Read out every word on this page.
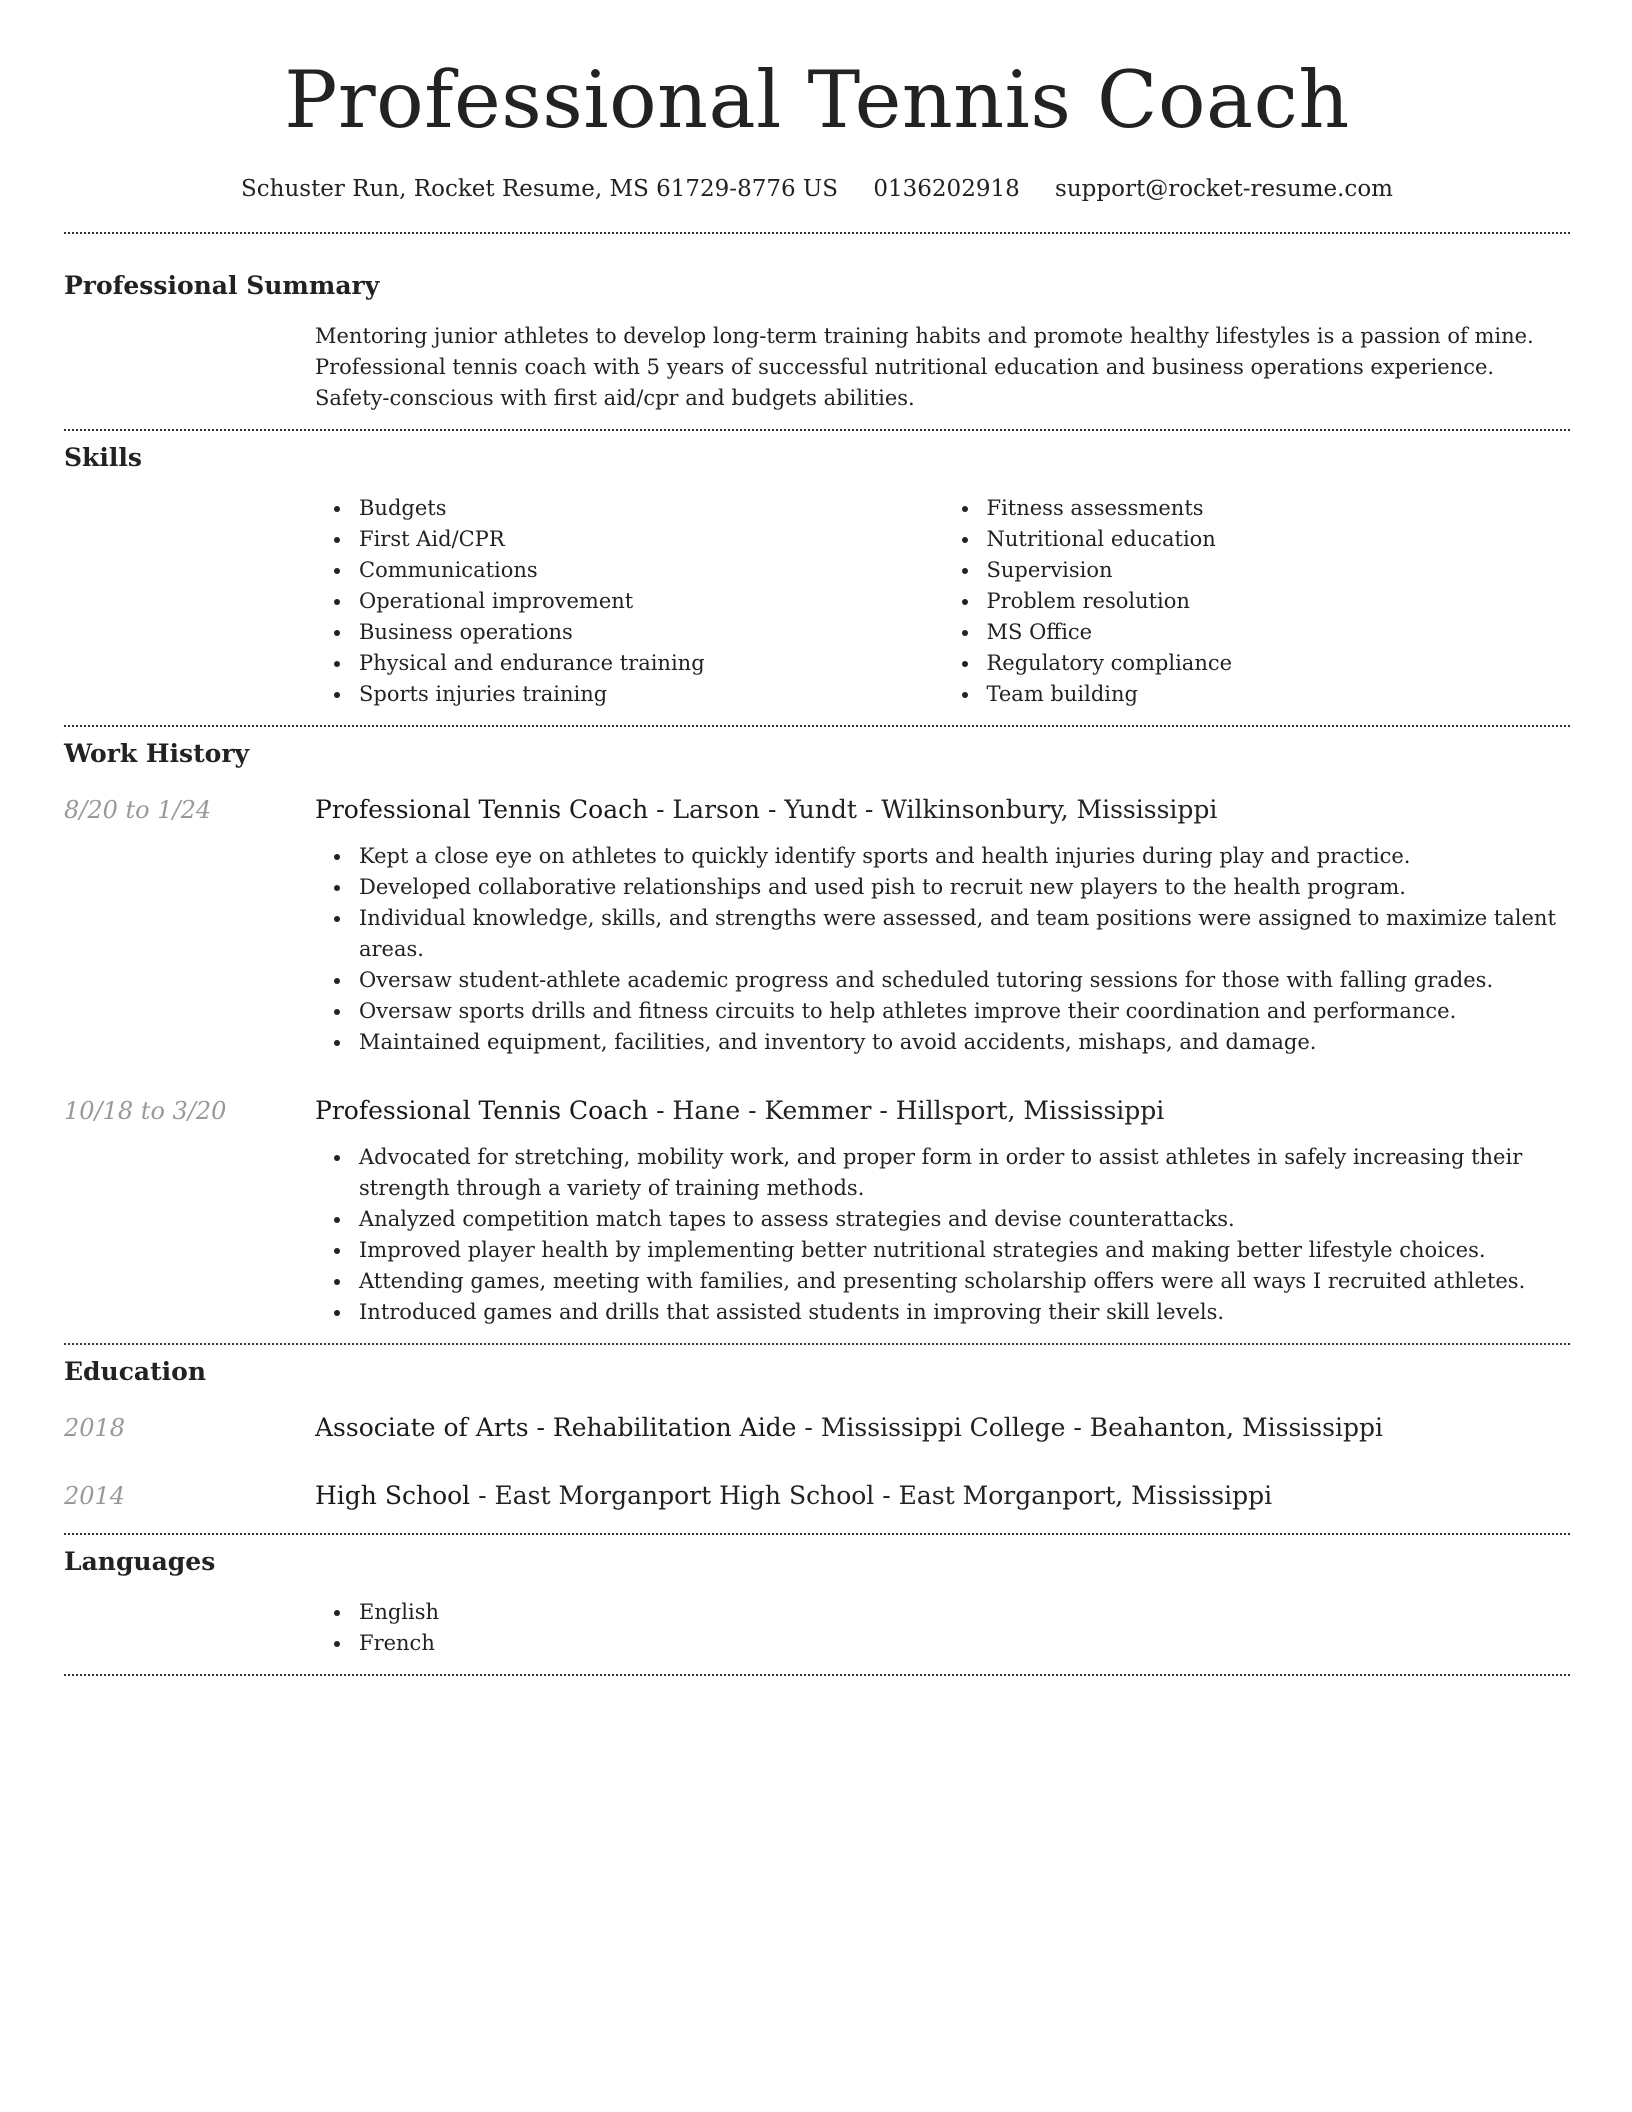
Professional Tennis Coach
Schuster Run, Rocket Resume, MS 61729-8776 US 0136202918 support@rocket-resume.com
Professional Summary

Mentoring junior athletes to develop long-term training habits and promote healthy lifestyles is a passion of mine. Professional tennis coach with 5 years of successful nutritional education and business operations experience. Safety-conscious with first aid/cpr and budgets abilities.

Skills
Budgets
First Aid/CPR
Communications
Operational improvement
Business operations
Physical and endurance training
Sports injuries training
Fitness assessments
Nutritional education
Supervision
Problem resolution
MS Office
Regulatory compliance
Team building
Work History
8/20 to 1/24	Professional Tennis Coach - Larson - Yundt - Wilkinsonbury, Mississippi
Kept a close eye on athletes to quickly identify sports and health injuries during play and practice.
Developed collaborative relationships and used pish to recruit new players to the health program.
Individual knowledge, skills, and strengths were assessed, and team positions were assigned to maximize talent areas.
Oversaw student-athlete academic progress and scheduled tutoring sessions for those with falling grades.
Oversaw sports drills and fitness circuits to help athletes improve their coordination and performance.
Maintained equipment, facilities, and inventory to avoid accidents, mishaps, and damage.
10/18 to 3/20	Professional Tennis Coach - Hane - Kemmer - Hillsport, Mississippi
Advocated for stretching, mobility work, and proper form in order to assist athletes in safely increasing their strength through a variety of training methods.
Analyzed competition match tapes to assess strategies and devise counterattacks.
Improved player health by implementing better nutritional strategies and making better lifestyle choices.
Attending games, meeting with families, and presenting scholarship offers were all ways I recruited athletes.
Introduced games and drills that assisted students in improving their skill levels.
Education
2018	Associate of Arts - Rehabilitation Aide - Mississippi College - Beahanton, Mississippi
2014	High School - East Morganport High School - East Morganport, Mississippi
Languages
English
French
